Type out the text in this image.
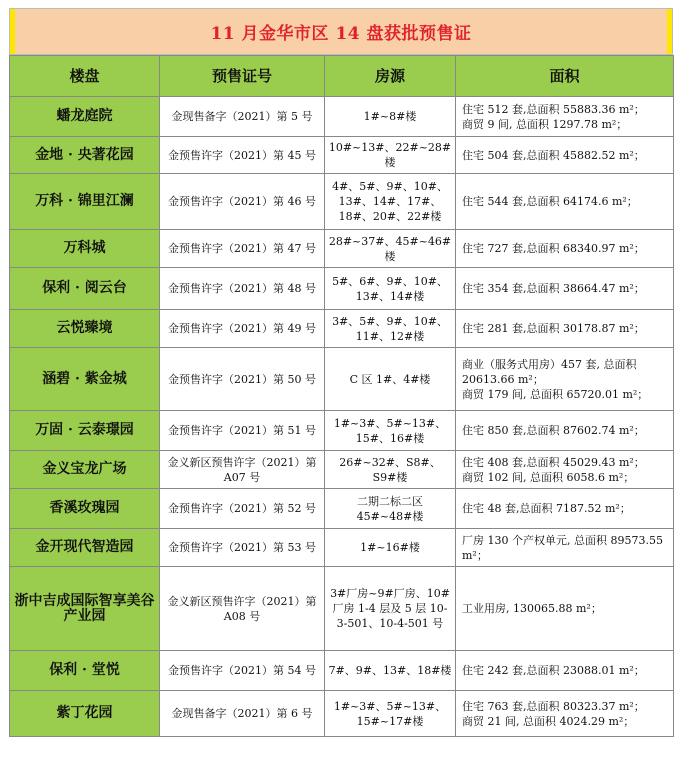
11 月金华市区 14 盘获批预售证
楼盘	预售证号	房源	面积
蟠龙庭院	金现售备字（2021）第 5 号	1#~8#楼	住宅 512 套,总面积 55883.36 m²；
商贸 9 间, 总面积 1297.78 m²；
金地 · 央著花园	金预售许字（2021）第 45 号	10#~13#、22#~28#楼	住宅 504 套,总面积 45882.52 m²；
万科 · 锦里江澜	金预售许字（2021）第 46 号	4#、5#、9#、10#、13#、14#、17#、18#、20#、22#楼	住宅 544 套,总面积 64174.6 m²；
万科城	金预售许字（2021）第 47 号	28#~37#、45#~46#楼	住宅 727 套,总面积 68340.97 m²；
保利 · 阅云台	金预售许字（2021）第 48 号	5#、6#、9#、10#、13#、14#楼	住宅 354 套,总面积 38664.47 m²；
云悦臻境	金预售许字（2021）第 49 号	3#、5#、9#、10#、11#、12#楼	住宅 281 套,总面积 30178.87 m²；
涵碧 · 紫金城	金预售许字（2021）第 50 号	C 区 1#、4#楼	商业（服务式用房）457 套, 总面积 20613.66 m²；
商贸 179 间, 总面积 65720.01 m²；
万固 · 云泰璟园	金预售许字（2021）第 51 号	1#~3#、5#~13#、15#、16#楼	住宅 850 套,总面积 87602.74 m²；
金义宝龙广场	金义新区预售许字（2021）第 A07 号	26#~32#、S8#、S9#楼	住宅 408 套,总面积 45029.43 m²；
商贸 102 间, 总面积 6058.6 m²；
香溪玫瑰园	金预售许字（2021）第 52 号	二期二标二区 45#~48#楼	住宅 48 套,总面积 7187.52 m²；
金开现代智造园	金预售许字（2021）第 53 号	1#~16#楼	厂房 130 个产权单元, 总面积 89573.55 m²；
浙中吉成国际智享美谷产业园	金义新区预售许字（2021）第 A08 号	3#厂房~9#厂房、10#厂房 1-4 层及 5 层 10-3-501、10-4-501 号	工业用房, 130065.88 m²；
保利 · 堂悦	金预售许字（2021）第 54 号	7#、9#、13#、18#楼	住宅 242 套,总面积 23088.01 m²；
紫丁花园	金现售备字（2021）第 6 号	1#~3#、5#~13#、15#~17#楼	住宅 763 套,总面积 80323.37 m²；
商贸 21 间, 总面积 4024.29 m²；
